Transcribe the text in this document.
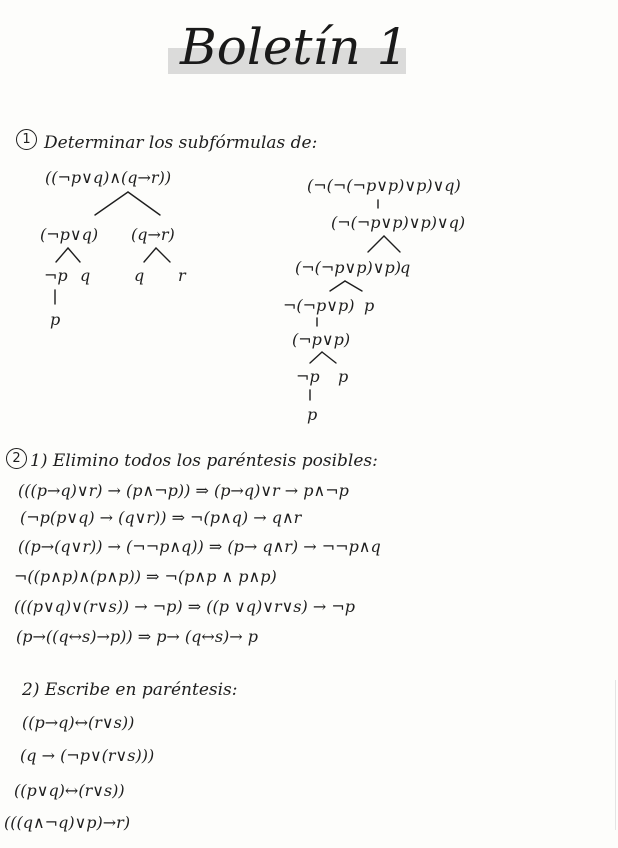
Boletín 1
1 Determinar los subfórmulas de:
((¬p∨q)∧(q→r))
(¬p∨q) (q→r)
¬p q	q r
p
(¬(¬(¬p∨p)∨p)∨q)
(¬(¬p∨p)∨p)∨q)
(¬(¬p∨p)∨p) q
¬(¬p∨p) p
(¬p∨p)
¬p p
p
2 1) Elimino todos los paréntesis posibles:
(((p→q)∨r) → (p∧¬p)) ⇒ (p→q)∨r → p∧¬p
(¬p(p∨q) → (q∨r)) ⇒ ¬(p∧q) → q∧r
((p→(q∨r)) → (¬¬p∧q)) ⇒ (p→ q∧r) → ¬¬p∧q
¬((p∧p)∧(p∧p)) ⇒ ¬(p∧p ∧ p∧p)
(((p∨q)∨(r∨s)) → ¬p) ⇒ ((p ∨q)∨r∨s) → ¬p
(p→((q↔s)→p)) ⇒ p→ (q↔s)→ p
2) Escribe en paréntesis:
((p→q)↔(r∨s))
(q → (¬p∨(r∨s)))
((p∨q)↔(r∨s))
(((q∧¬q)∨p)→r)
